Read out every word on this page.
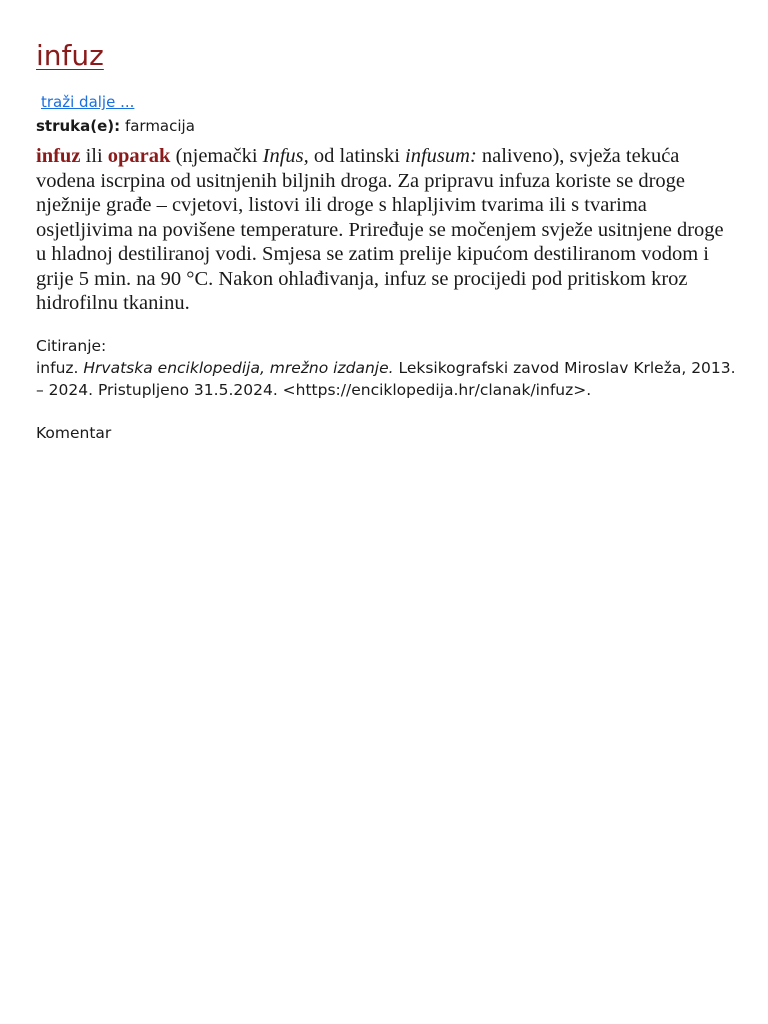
infuz
traži dalje ...
struka(e): farmacija

infuz ili oparak (njemački Infus, od latinski infusum: naliveno), svježa tekuća vodena iscrpina od usitnjenih biljnih droga. Za pripravu infuza koriste se droge nježnije građe – cvjetovi, listovi ili droge s hlapljivim tvarima ili s tvarima osjetljivima na povišene temperature. Priređuje se močenjem svježe usitnjene droge u hladnoj destiliranoj vodi. Smjesa se zatim prelije kipućom destiliranom vodom i grije 5 min. na 90 °C. Nakon ohlađivanja, infuz se procijedi pod pritiskom kroz hidrofilnu tkaninu.

Citiranje:
infuz. Hrvatska enciklopedija, mrežno izdanje. Leksikografski zavod Miroslav Krleža, 2013. – 2024. Pristupljeno 31.5.2024. <https://enciklopedija.hr/clanak/infuz>.
Komentar
